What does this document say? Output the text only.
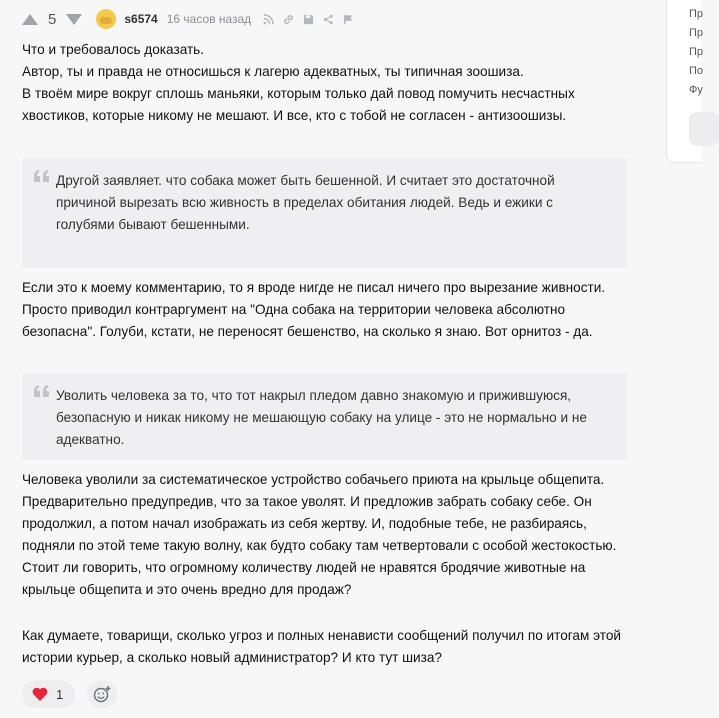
5	s6574 16 часов назад

Что и требовалось доказать.

Автор, ты и правда не относишься к лагерю адекватных, ты типичная зоошиза.

В твоём мире вокруг сплошь маньяки, которым только дай повод помучить несчастных хвостиков, которые никому не мешают. И все, кто с тобой не согласен - антизоошизы.

Другой заявляет. что собака может быть бешенной. И считает это достаточной причиной вырезать всю живность в пределах обитания людей. Ведь и ежики с голубями бывают бешенными.

Если это к моему комментарию, то я вроде нигде не писал ничего про вырезание живности. Просто приводил контраргумент на "Одна собака на территории человека абсолютно безопасна". Голуби, кстати, не переносят бешенство, на сколько я знаю. Вот орнитоз - да.

Уволить человека за то, что тот накрыл пледом давно знакомую и прижившуюся, безопасную и никак никому не мешающую собаку на улице - это не нормально и не адекватно.

Человека уволили за систематическое устройство собачьего приюта на крыльце общепита. Предварительно предупредив, что за такое уволят. И предложив забрать собаку себе. Он продолжил, а потом начал изображать из себя жертву. И, подобные тебе, не разбираясь, подняли по этой теме такую волну, как будто собаку там четвертовали с особой жестокостью.

Стоит ли говорить, что огромному количеству людей не нравятся бродячие животные на крыльце общепита и это очень вредно для продаж?

Как думаете, товарищи, сколько угроз и полных ненависти сообщений получил по итогам этой истории курьер, а сколько новый администратор? И кто тут шиза?

1
Пр
Пр
Пр
По
Фу
